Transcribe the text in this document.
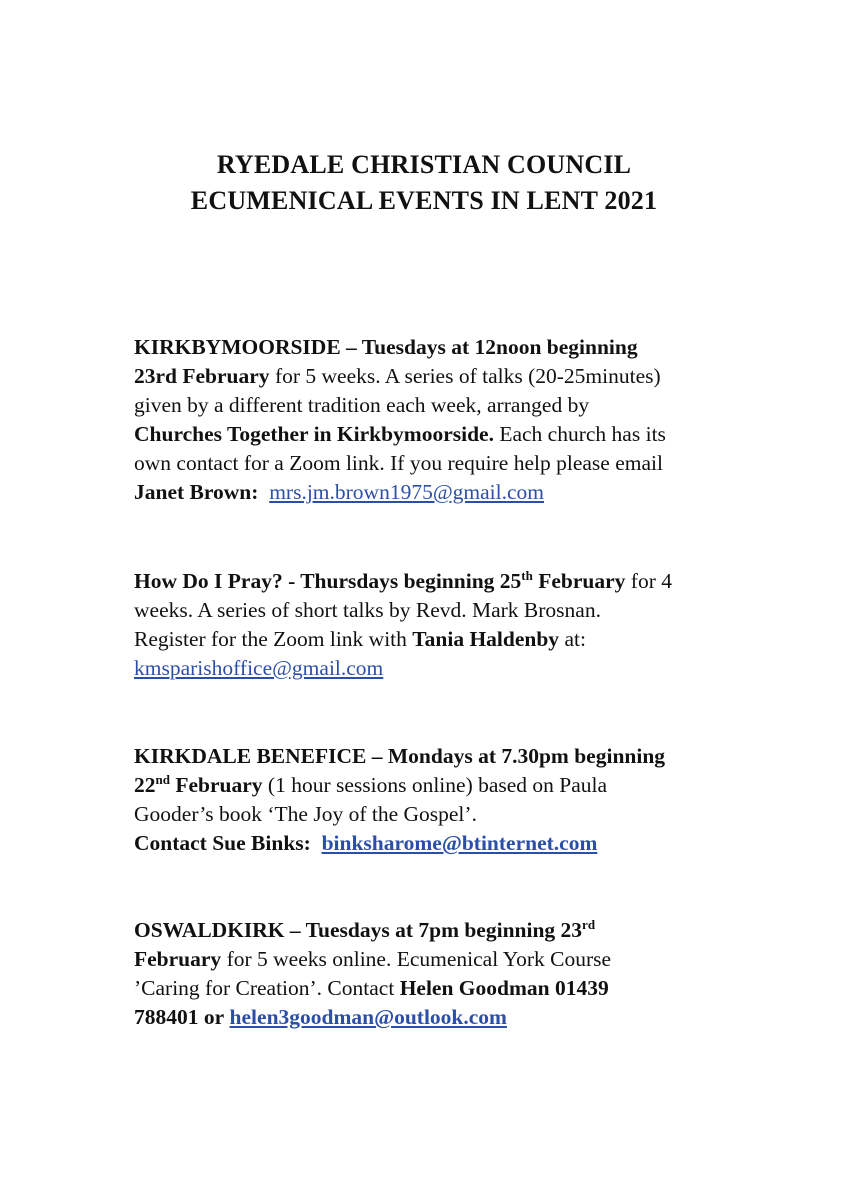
RYEDALE CHRISTIAN COUNCIL
ECUMENICAL EVENTS IN LENT 2021
KIRKBYMOORSIDE – Tuesdays at 12noon beginning
23rd February for 5 weeks. A series of talks (20-25minutes)
given by a different tradition each week, arranged by
Churches Together in Kirkbymoorside. Each church has its
own contact for a Zoom link. If you require help please email
Janet Brown: mrs.jm.brown1975@gmail.com
How Do I Pray? - Thursdays beginning 25th February for 4
weeks. A series of short talks by Revd. Mark Brosnan.
Register for the Zoom link with Tania Haldenby at:
kmsparishoffice@gmail.com
KIRKDALE BENEFICE – Mondays at 7.30pm beginning
22nd February (1 hour sessions online) based on Paula
Gooder’s book ‘The Joy of the Gospel’.
Contact Sue Binks: binksharome@btinternet.com
OSWALDKIRK – Tuesdays at 7pm beginning 23rd
February for 5 weeks online. Ecumenical York Course
’Caring for Creation’. Contact Helen Goodman 01439
788401 or helen3goodman@outlook.com
